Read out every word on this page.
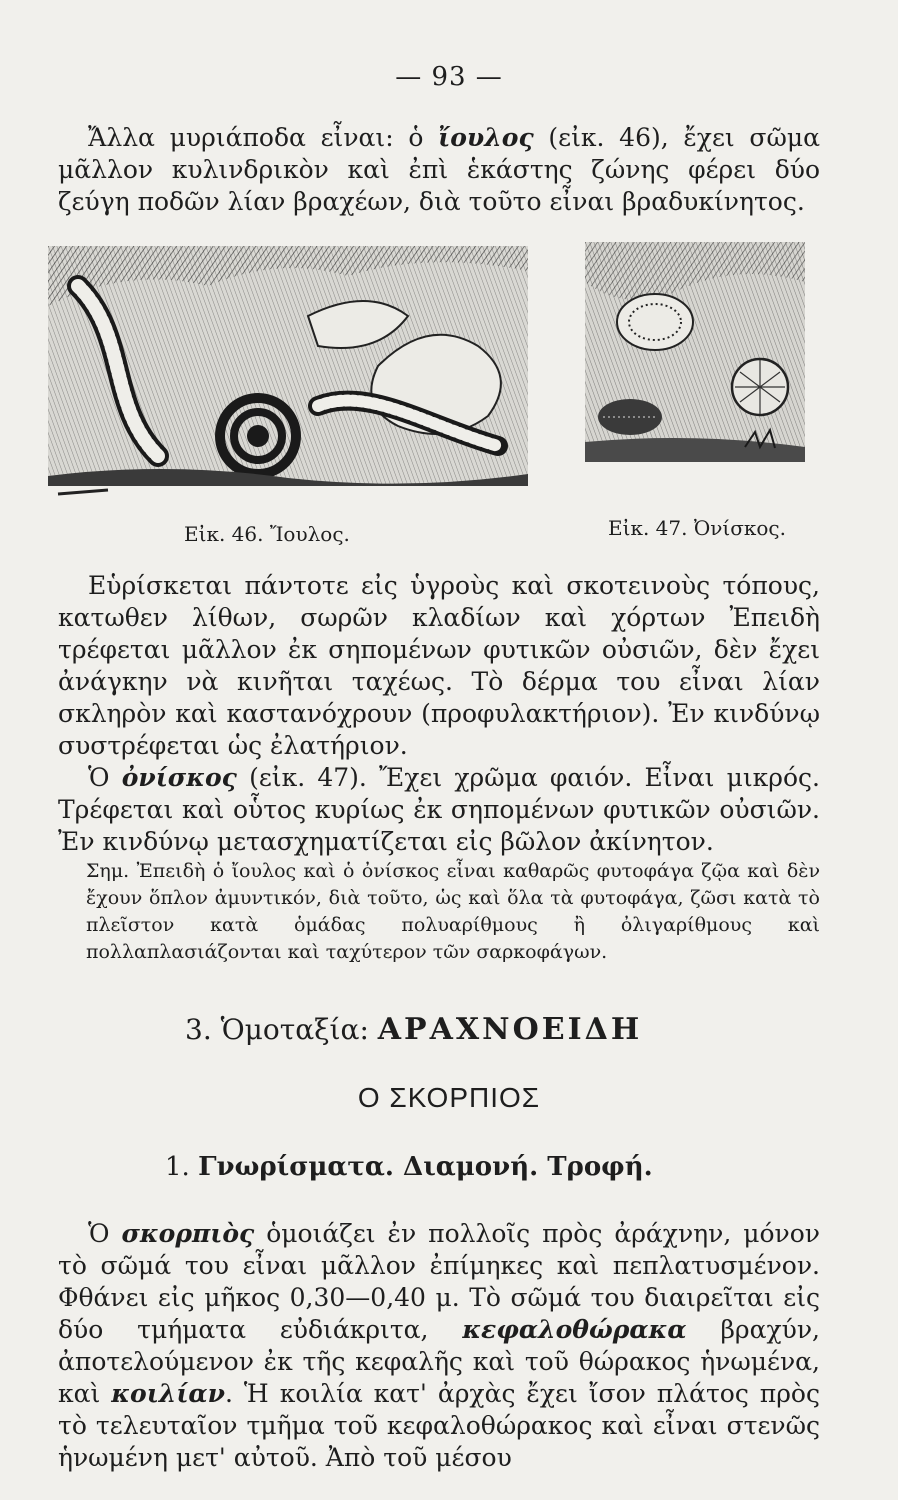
— 93 —

Ἄλλα μυριάποδα εἶναι: ὁ ἴουλος (εἰκ. 46), ἔχει σῶμα μᾶλλον κυλινδρικὸν καὶ ἐπὶ ἑκάστης ζώνης φέρει δύο ζεύγη ποδῶν λίαν βραχέων, διὰ τοῦτο εἶναι βραδυκίνητος.

Εἰκ. 46. Ἴουλος.	Εἰκ. 47. Ὀνίσκος.

Εὑρίσκεται πάντοτε εἰς ὑγροὺς καὶ σκοτεινοὺς τόπους, κατωθεν λίθων, σωρῶν κλαδίων καὶ χόρτων Ἐπειδὴ τρέφεται μᾶλλον ἐκ σηπομένων φυτικῶν οὐσιῶν, δὲν ἔχει ἀνάγκην νὰ κινῆται ταχέως. Τὸ δέρμα του εἶναι λίαν σκληρὸν καὶ καστανόχρουν (προφυλακτήριον). Ἐν κινδύνῳ συστρέφεται ὡς ἐλατήριον.

Ὁ ὀνίσκος (εἰκ. 47). Ἔχει χρῶμα φαιόν. Εἶναι μικρός. Τρέφεται καὶ οὗτος κυρίως ἐκ σηπομένων φυτικῶν οὐσιῶν. Ἐν κινδύνῳ μετασχηματίζεται εἰς βῶλον ἀκίνητον.

Σημ. Ἐπειδὴ ὁ ἴουλος καὶ ὁ ὀνίσκος εἶναι καθαρῶς φυτοφάγα ζῷα καὶ δὲν ἔχουν ὅπλον ἀμυντικόν, διὰ τοῦτο, ὡς καὶ ὅλα τὰ φυτοφάγα, ζῶσι κατὰ τὸ πλεῖστον κατὰ ὁμάδας πολυαρίθμους ἢ ὀλιγαρίθμους καὶ πολλαπλασιάζονται καὶ ταχύτερον τῶν σαρκοφάγων.

3. Ὁμοταξία: ΑΡΑΧΝΟΕΙΔΗ
Ο ΣΚΟΡΠΙΟΣ
1. Γνωρίσματα. Διαμονή. Τροφή.

Ὁ σκορπιὸς ὁμοιάζει ἐν πολλοῖς πρὸς ἀράχνην, μόνον τὸ σῶμά του εἶναι μᾶλλον ἐπίμηκες καὶ πεπλατυσμένον. Φθάνει εἰς μῆκος 0,30—0,40 μ. Τὸ σῶμά του διαιρεῖται εἰς δύο τμήματα εὐδιάκριτα, κεφαλοθώρακα βραχύν, ἀποτελούμενον ἐκ τῆς κεφαλῆς καὶ τοῦ θώρακος ἡνωμένα, καὶ κοιλίαν. Ἡ κοιλία κατ' ἀρχὰς ἔχει ἴσον πλάτος πρὸς τὸ τελευταῖον τμῆμα τοῦ κεφαλοθώρακος καὶ εἶναι στενῶς ἡνωμένη μετ' αὐτοῦ. Ἀπὸ τοῦ μέσου
